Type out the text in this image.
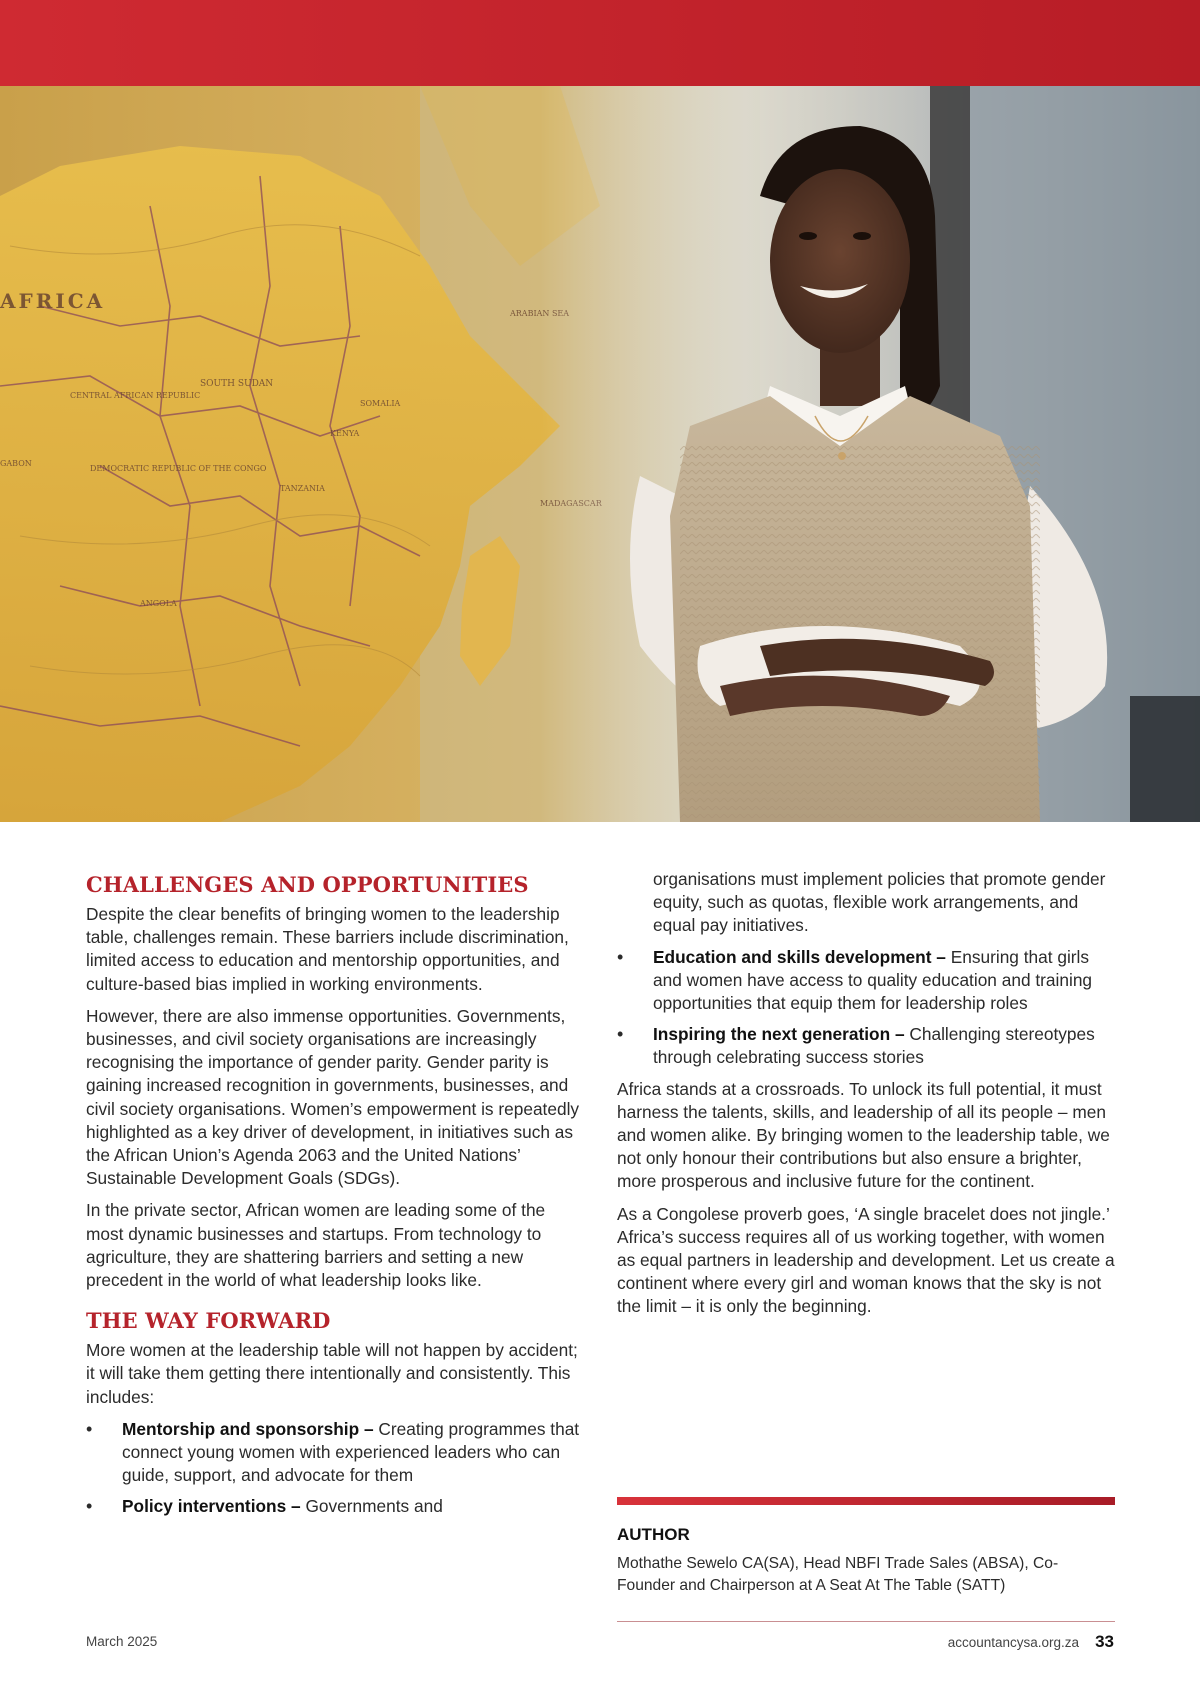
CHALLENGES AND OPPORTUNITIES

Despite the clear benefits of bringing women to the leadership table, challenges remain. These barriers include discrimination, limited access to education and mentorship opportunities, and culture-based bias implied in working environments.

However, there are also immense opportunities. Governments, businesses, and civil society organisations are increasingly recognising the importance of gender parity. Gender parity is gaining increased recognition in governments, businesses, and civil society organisations. Women’s empowerment is repeatedly highlighted as a key driver of development, in initiatives such as the African Union’s Agenda 2063 and the United Nations’ Sustainable Development Goals (SDGs).

In the private sector, African women are leading some of the most dynamic businesses and startups. From technology to agriculture, they are shattering barriers and setting a new precedent in the world of what leadership looks like.

THE WAY FORWARD

More women at the leadership table will not happen by accident; it will take them getting there intentionally and consistently. This includes:

• Mentorship and sponsorship – Creating programmes that connect young women with experienced leaders who can guide, support, and advocate for them
• Policy interventions – Governments and

organisations must implement policies that promote gender equity, such as quotas, flexible work arrangements, and equal pay initiatives.

• Education and skills development – Ensuring that girls and women have access to quality education and training opportunities that equip them for leadership roles
• Inspiring the next generation – Challenging stereotypes through celebrating success stories

Africa stands at a crossroads. To unlock its full potential, it must harness the talents, skills, and leadership of all its people – men and women alike. By bringing women to the leadership table, we not only honour their contributions but also ensure a brighter, more prosperous and inclusive future for the continent.

As a Congolese proverb goes, ‘A single bracelet does not jingle.’ Africa’s success requires all of us working together, with women as equal partners in leadership and development. Let us create a continent where every girl and woman knows that the sky is not the limit – it is only the beginning.

AUTHOR
Mothathe Sewelo CA(SA), Head NBFI Trade Sales (ABSA), Co-Founder and Chairperson at A Seat At The Table (SATT)
March 2025	accountancysa.org.za 33
